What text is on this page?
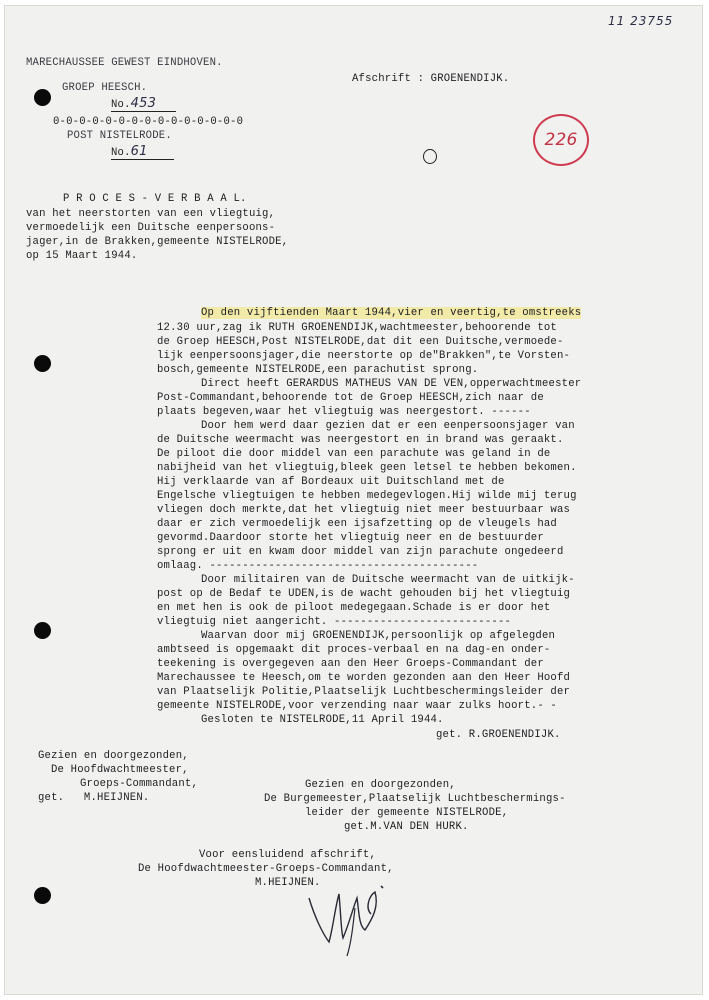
11 23755
226
MARECHAUSSEE GEWEST EINDHOVEN.
GROEP HEESCH.
No.453
0-0-0-0-0-0-0-0-0-0-0-0-0-0-0
POST NISTELRODE.
No.61
Afschrift : GROENENDIJK.
P R O C E S - V E R B A A L.
van het neerstorten van een vliegtuig,
vermoedelijk een Duitsche eenpersoons-
jager,in de Brakken,gemeente NISTELRODE,
op 15 Maart 1944.
Op den vijftienden Maart 1944,vier en veertig,te omstreeks
12.30 uur,zag ik RUTH GROENENDIJK,wachtmeester,behoorende tot
de Groep HEESCH,Post NISTELRODE,dat dit een Duitsche,vermoede-
lijk eenpersoonsjager,die neerstorte op de"Brakken",te Vorsten-
bosch,gemeente NISTELRODE,een parachutist sprong.
Direct heeft GERARDUS MATHEUS VAN DE VEN,opperwachtmeester
Post-Commandant,behoorende tot de Groep HEESCH,zich naar de
plaats begeven,waar het vliegtuig was neergestort. ------
Door hem werd daar gezien dat er een eenpersoonsjager van
de Duitsche weermacht was neergestort en in brand was geraakt.
De piloot die door middel van een parachute was geland in de
nabijheid van het vliegtuig,bleek geen letsel te hebben bekomen.
Hij verklaarde van af Bordeaux uit Duitschland met de
Engelsche vliegtuigen te hebben medegevlogen.Hij wilde mij terug
vliegen doch merkte,dat het vliegtuig niet meer bestuurbaar was
daar er zich vermoedelijk een ijsafzetting op de vleugels had
gevormd.Daardoor storte het vliegtuig neer en de bestuurder
sprong er uit en kwam door middel van zijn parachute ongedeerd
omlaag. -----------------------------------------
Door militairen van de Duitsche weermacht van de uitkijk-
post op de Bedaf te UDEN,is de wacht gehouden bij het vliegtuig
en met hen is ook de piloot medegegaan.Schade is er door het
vliegtuig niet aangericht. ---------------------------
Waarvan door mij GROENENDIJK,persoonlijk op afgelegden
ambtseed is opgemaakt dit proces-verbaal en na dag-en onder-
teekening is overgegeven aan den Heer Groeps-Commandant der
Marechaussee te Heesch,om te worden gezonden aan den Heer Hoofd
van Plaatselijk Politie,Plaatselijk Luchtbeschermingsleider der
gemeente NISTELRODE,voor verzending naar waar zulks hoort.- -
Gesloten te NISTELRODE,11 April 1944.
get. R.GROENENDIJK.
Gezien en doorgezonden,
De Hoofdwachtmeester,
Groeps-Commandant,
get.   M.HEIJNEN.
Gezien en doorgezonden,
De Burgemeester,Plaatselijk Luchtbeschermings-
leider der gemeente NISTELRODE,
get.M.VAN DEN HURK.
Voor eensluidend afschrift,
De Hoofdwachtmeester-Groeps-Commandant,
M.HEIJNEN.
